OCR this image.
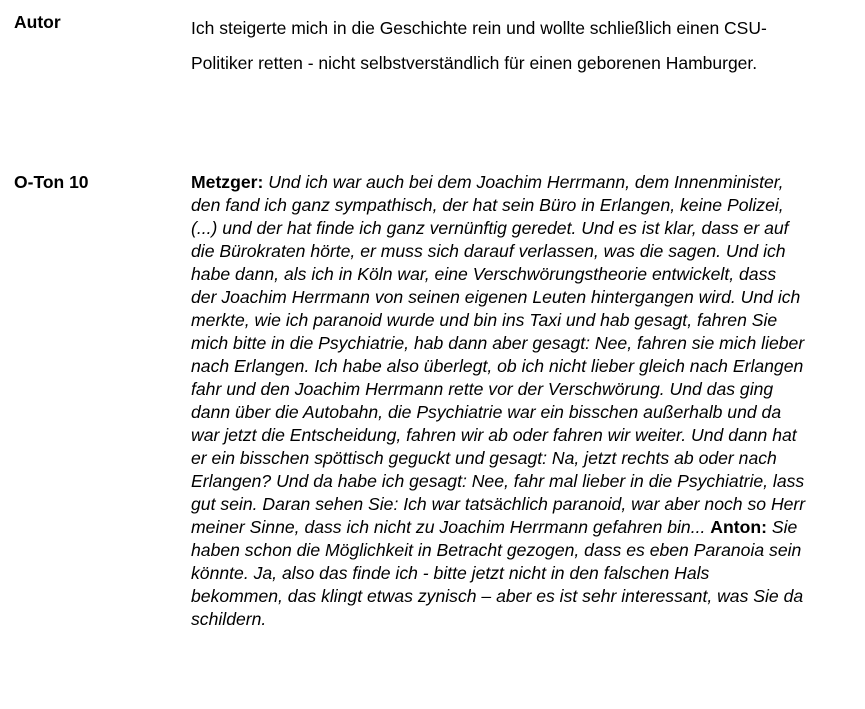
Autor	Ich steigerte mich in die Geschichte rein und wollte schließlich einen CSU-Politiker retten - nicht selbstverständlich für einen geborenen Hamburger.
O-Ton 10	Metzger: Und ich war auch bei dem Joachim Herrmann, dem Innenminister, den fand ich ganz sympathisch, der hat sein Büro in Erlangen, keine Polizei, (...) und der hat finde ich ganz vernünftig geredet. Und es ist klar, dass er auf die Bürokraten hörte, er muss sich darauf verlassen, was die sagen. Und ich habe dann, als ich in Köln war, eine Verschwörungstheorie entwickelt, dass der Joachim Herrmann von seinen eigenen Leuten hintergangen wird. Und ich merkte, wie ich paranoid wurde und bin ins Taxi und hab gesagt, fahren Sie mich bitte in die Psychiatrie, hab dann aber gesagt: Nee, fahren sie mich lieber nach Erlangen. Ich habe also überlegt, ob ich nicht lieber gleich nach Erlangen fahr und den Joachim Herrmann rette vor der Verschwörung. Und das ging dann über die Autobahn, die Psychiatrie war ein bisschen außerhalb und da war jetzt die Entscheidung, fahren wir ab oder fahren wir weiter. Und dann hat er ein bisschen spöttisch geguckt und gesagt: Na, jetzt rechts ab oder nach Erlangen? Und da habe ich gesagt: Nee, fahr mal lieber in die Psychiatrie, lass gut sein. Daran sehen Sie: Ich war tatsächlich paranoid, war aber noch so Herr meiner Sinne, dass ich nicht zu Joachim Herrmann gefahren bin... Anton: Sie haben schon die Möglichkeit in Betracht gezogen, dass es eben Paranoia sein könnte. Ja, also das finde ich - bitte jetzt nicht in den falschen Hals bekommen, das klingt etwas zynisch – aber es ist sehr interessant, was Sie da schildern.
